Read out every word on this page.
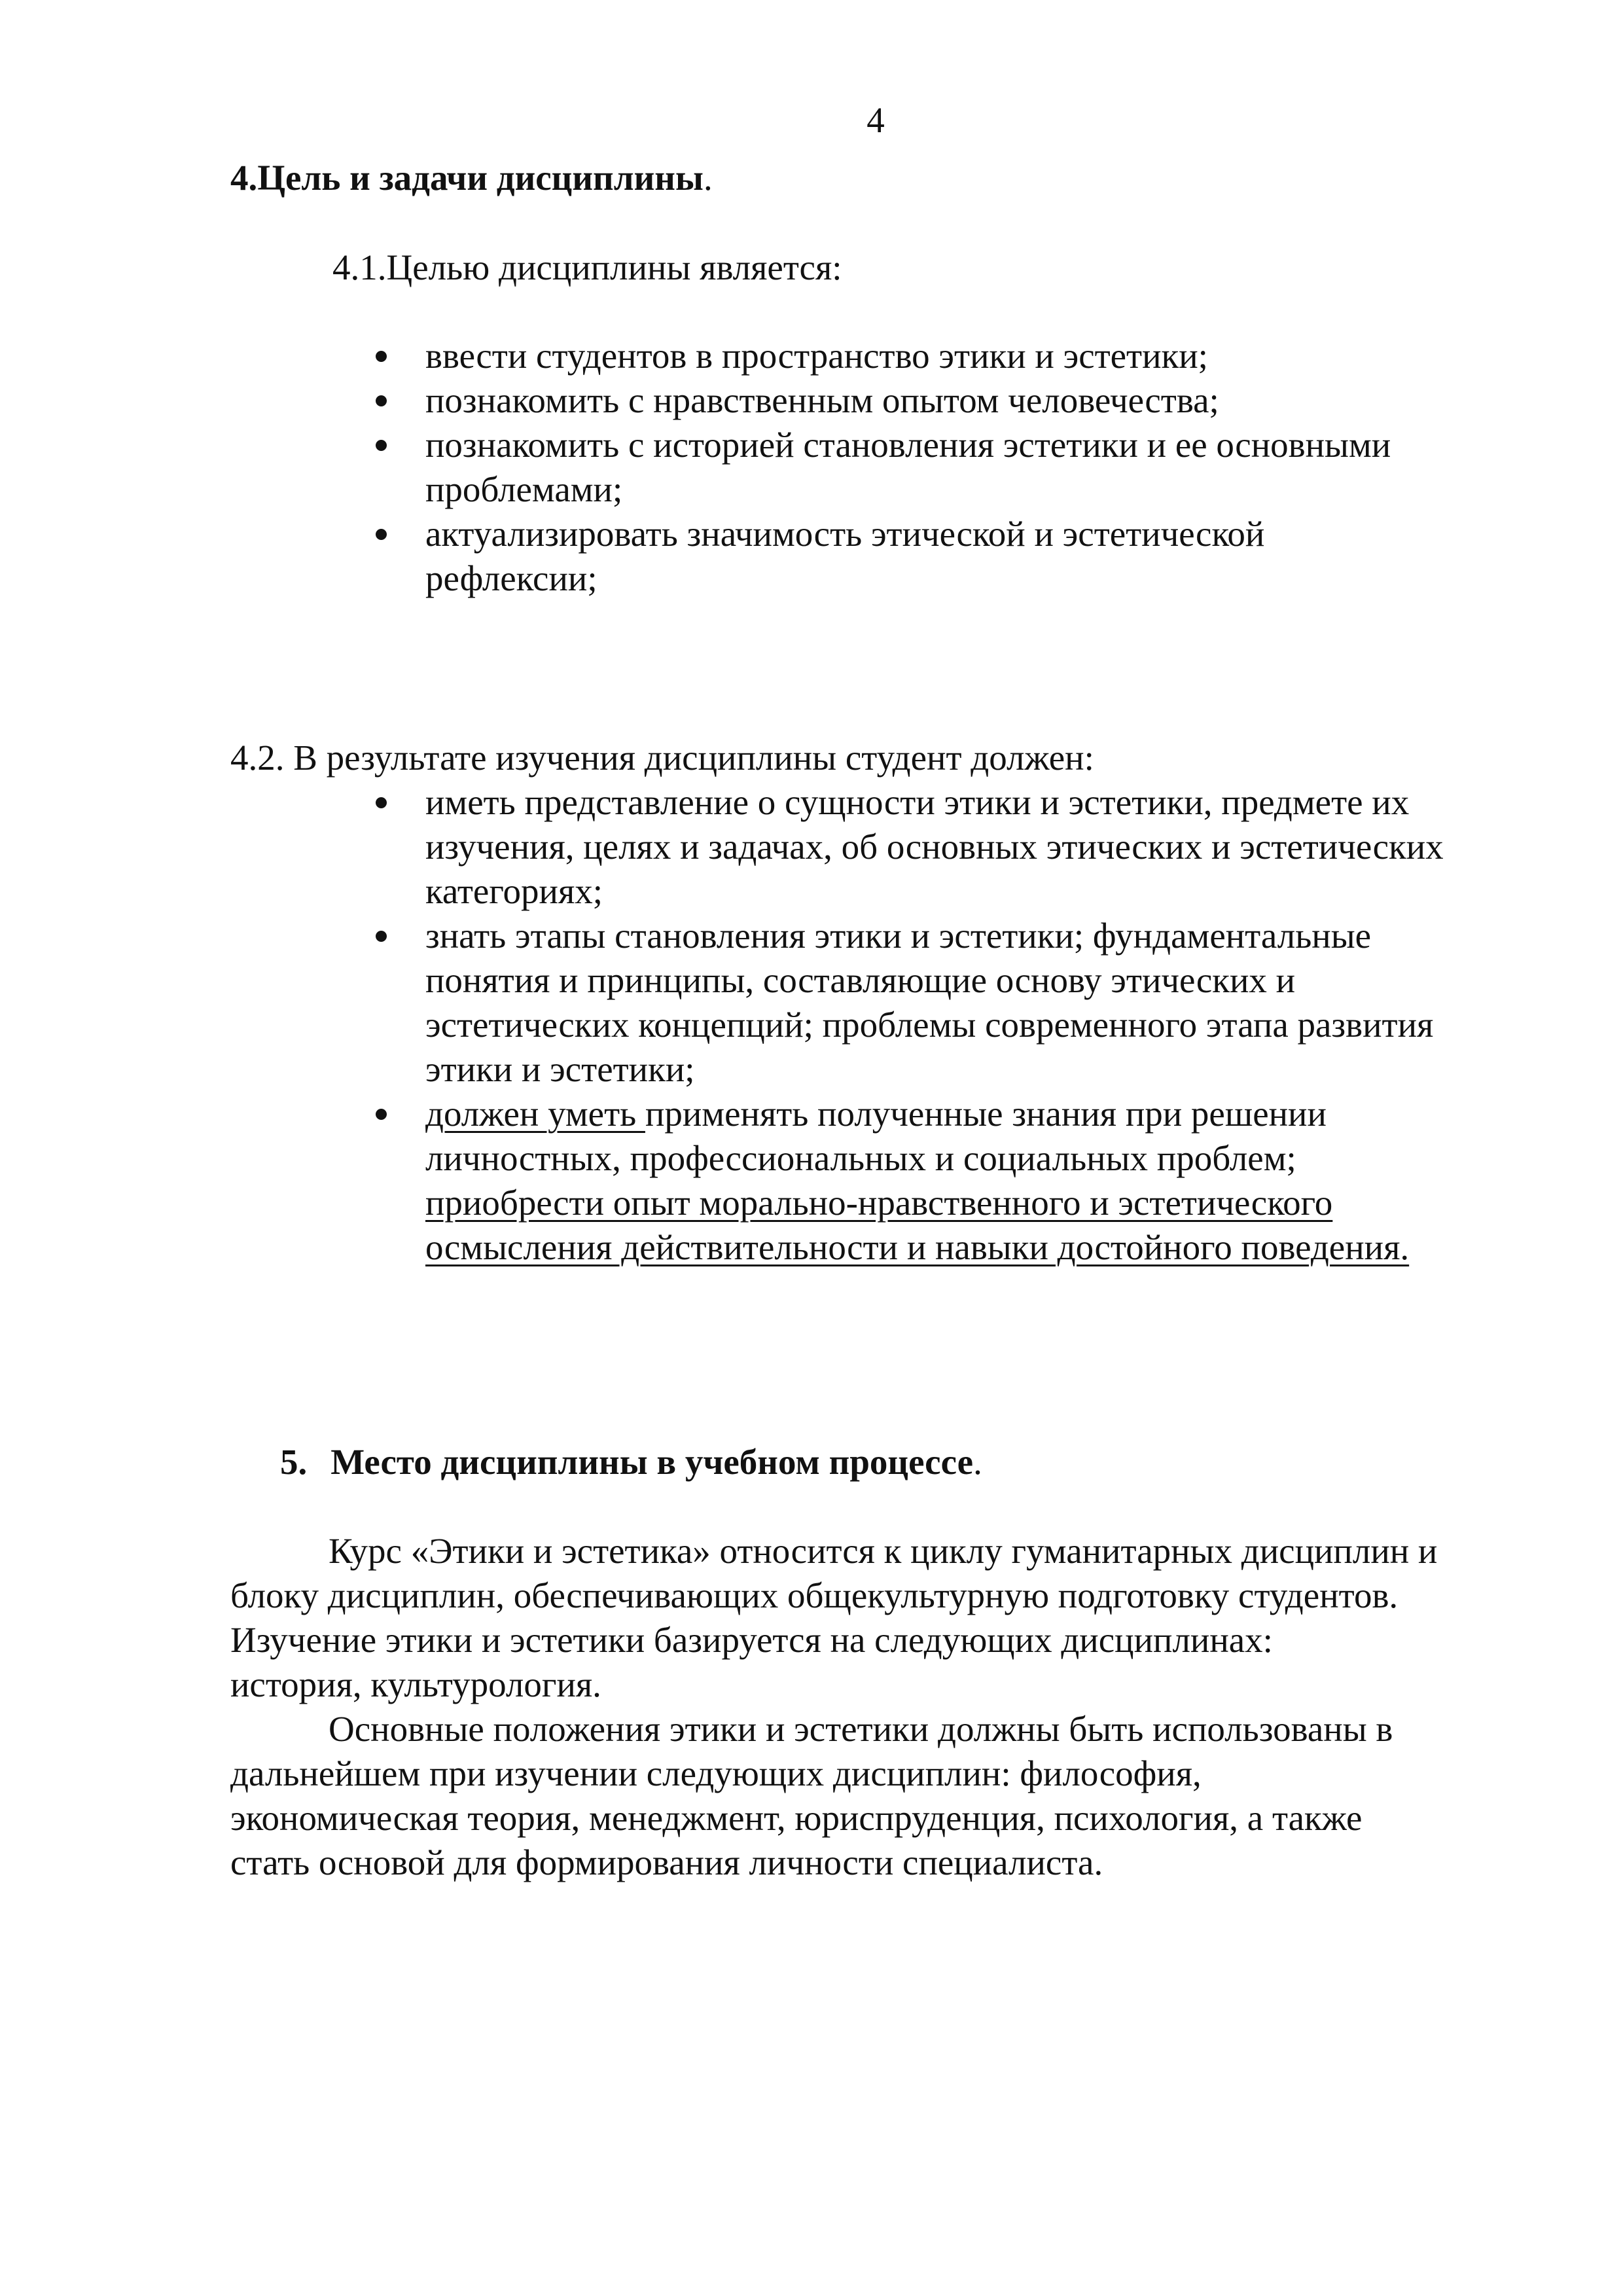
4
4.Цель и задачи дисциплины.
4.1.Целью дисциплины является:
ввести студентов в пространство этики и эстетики;
познакомить с нравственным опытом человечества;
познакомить с историей становления эстетики и ее основными
проблемами;
актуализировать значимость этической и эстетической
рефлексии;
4.2. В результате изучения дисциплины студент должен:
иметь представление о сущности этики и эстетики, предмете их
изучения, целях и задачах, об основных этических и эстетических
категориях;
знать этапы становления этики и эстетики; фундаментальные
понятия и принципы, составляющие основу этических и
эстетических концепций; проблемы современного этапа развития
этики и эстетики;
должен уметь применять полученные знания при решении
личностных, профессиональных и социальных проблем;
приобрести опыт морально-нравственного и эстетического
осмысления действительности и навыки достойного поведения.
5. Место дисциплины в учебном процессе.
Курс «Этики и эстетика» относится к циклу гуманитарных дисциплин и
блоку дисциплин, обеспечивающих общекультурную подготовку студентов.
Изучение этики и эстетики базируется на следующих дисциплинах:
история, культурология.
Основные положения этики и эстетики должны быть использованы в
дальнейшем при изучении следующих дисциплин: философия,
экономическая теория, менеджмент, юриспруденция, психология, а также
стать основой для формирования личности специалиста.
